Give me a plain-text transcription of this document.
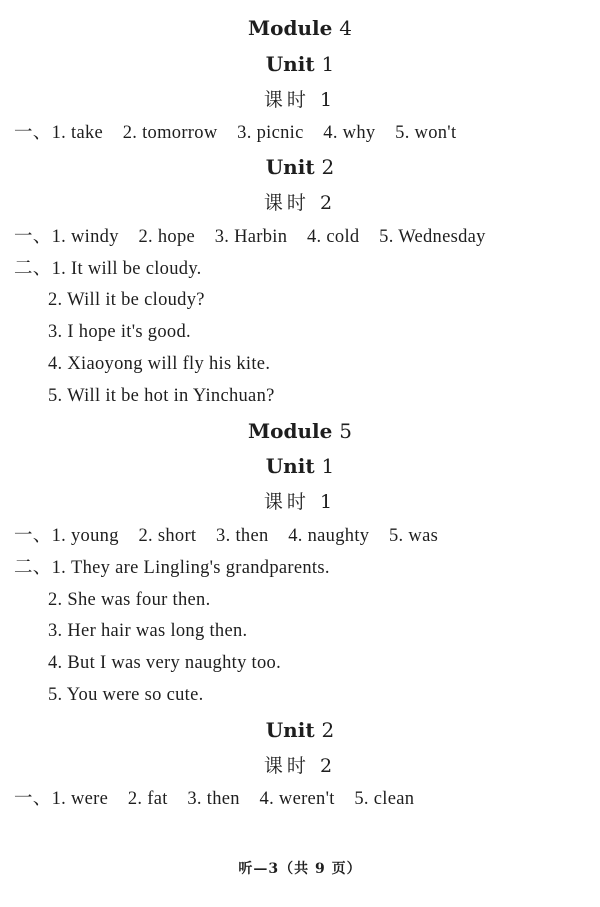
Module 4
Unit 1
课时 1
一、1. take    2. tomorrow    3. picnic    4. why    5. won't
Unit 2
课时 2
一、1. windy    2. hope    3. Harbin    4. cold    5. Wednesday
二、1. It will be cloudy.
2. Will it be cloudy?
3. I hope it's good.
4. Xiaoyong will fly his kite.
5. Will it be hot in Yinchuan?
Module 5
Unit 1
课时 1
一、1. young    2. short    3. then    4. naughty    5. was
二、1. They are Lingling's grandparents.
2. She was four then.
3. Her hair was long then.
4. But I was very naughty too.
5. You were so cute.
Unit 2
课时 2
一、1. were    2. fat    3. then    4. weren't    5. clean
听—3（共 9 页）
